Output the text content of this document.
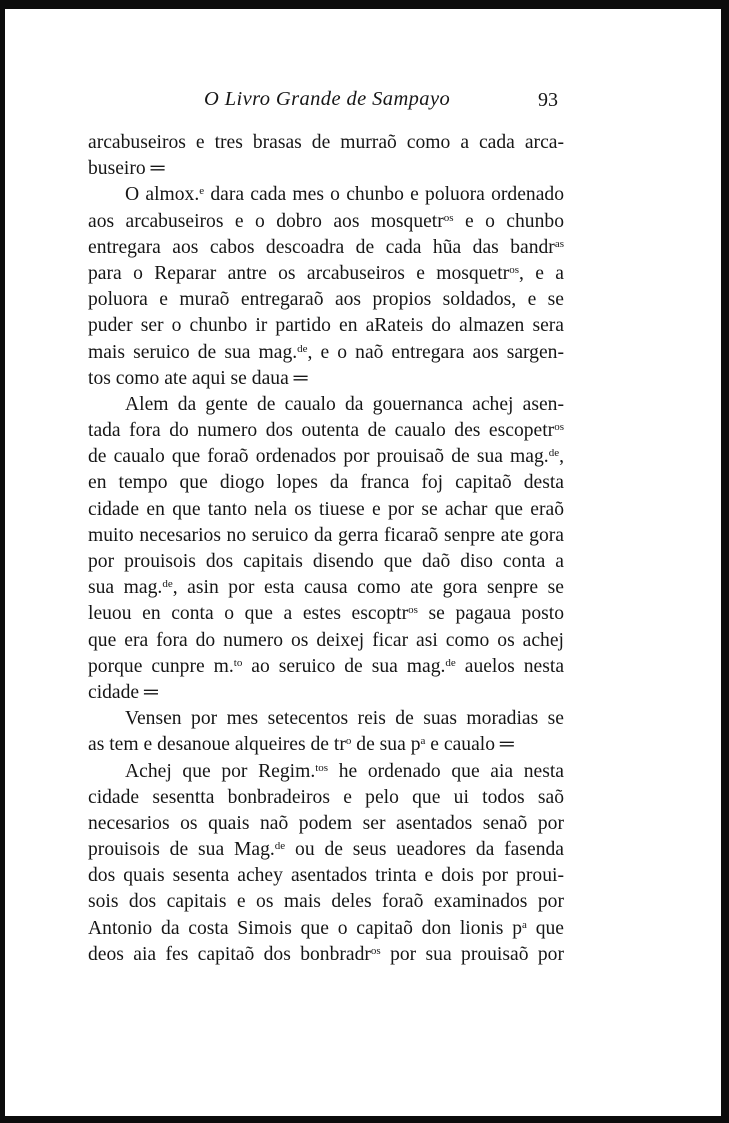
O Livro Grande de Sampayo	93
arcabuseiros e tres brasas de murraõ como a cada arca-
buseiro ═
O almox.$^e$ dara cada mes o chunbo e poluora ordenado
aos arcabuseiros e o dobro aos mosquetr$^{os}$ e o chunbo
entregara aos cabos descoadra de cada hũa das bandr$^{as}$
para o Reparar antre os arcabuseiros e mosquetr$^{os}$, e a
poluora e muraõ entregaraõ aos propios soldados, e se
puder ser o chunbo ir partido en aRateis do almazen sera
mais seruico de sua mag.$^{de}$, e o naõ entregara aos sargen-
tos como ate aqui se daua ═
Alem da gente de caualo da gouernanca achej asen-
tada fora do numero dos outenta de caualo des escopetr$^{os}$
de caualo que foraõ ordenados por prouisaõ de sua mag.$^{de}$,
en tempo que diogo lopes da franca foj capitaõ desta
cidade en que tanto nela os tiuese e por se achar que eraõ
muito necesarios no seruico da gerra ficaraõ senpre ate gora
por prouisois dos capitais disendo que daõ diso conta a
sua mag.$^{de}$, asin por esta causa como ate gora senpre se
leuou en conta o que a estes escoptr$^{os}$ se pagaua posto
que era fora do numero os deixej ficar asi como os achej
porque cunpre m.$^{to}$ ao seruico de sua mag.$^{de}$ auelos nesta
cidade ═
Vensen por mes setecentos reis de suas moradias se
as tem e desanoue alqueires de $tr^o$ de sua $p^a$ e caualo ═
Achej que por Regim.$^{tos}$ he ordenado que aia nesta
cidade sesentta bonbradeiros e pelo que ui todos saõ
necesarios os quais naõ podem ser asentados senaõ por
prouisois de sua Mag.$^{de}$ ou de seus ueadores da fasenda
dos quais sesenta achey asentados trinta e dois por proui-
sois dos capitais e os mais deles foraõ examinados por
Antonio da costa Simois que o capitaõ don lionis $p^a$ que
deos aia fes capitaõ dos bonbradr$^{os}$ por sua prouisaõ por
